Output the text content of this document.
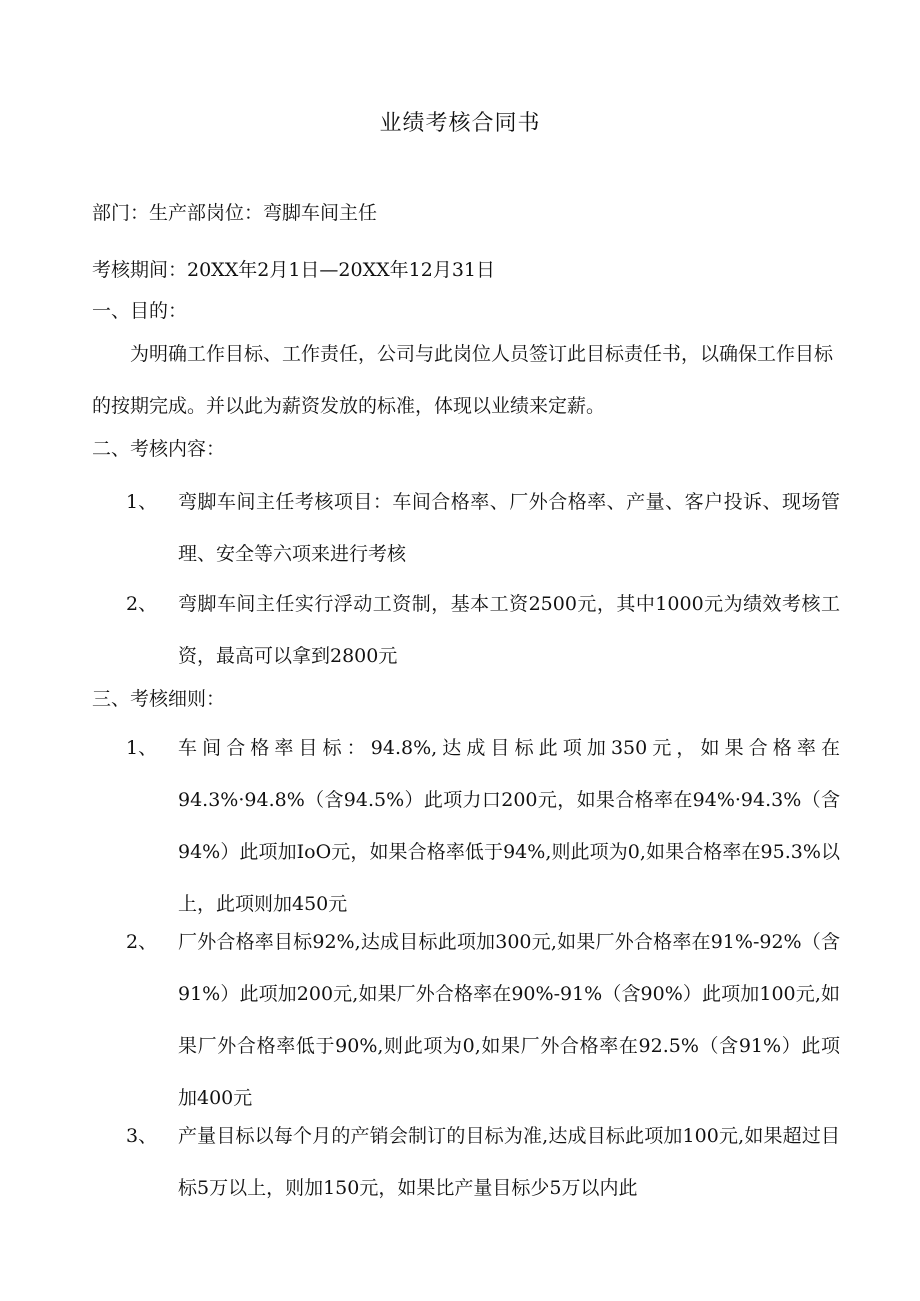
业绩考核合同书
部门：生产部岗位：弯脚车间主任
考核期间：20XX年2月1日—20XX年12月31日
一、目的：
为明确工作目标、工作责任，公司与此岗位人员签订此目标责任书，以确保工作目标的按期完成。并以此为薪资发放的标准，体现以业绩来定薪。
二、考核内容：
1、 弯脚车间主任考核项目：车间合格率、厂外合格率、产量、客户投诉、现场管理、安全等六项来进行考核
2、 弯脚车间主任实行浮动工资制，基本工资2500元，其中1000元为绩效考核工资，最高可以拿到2800元
三、考核细则：
1、 车间合格率目标：94.8%,达成目标此项加350元，如果合格率在94.3%·94.8%（含94.5%）此项力口200元，如果合格率在94%·94.3%（含94%）此项加IoO元，如果合格率低于94%,则此项为0,如果合格率在95.3%以上，此项则加450元
2、 厂外合格率目标92%,达成目标此项加300元,如果厂外合格率在91%-92%（含91%）此项加200元,如果厂外合格率在90%-91%（含90%）此项加100元,如果厂外合格率低于90%,则此项为0,如果厂外合格率在92.5%（含91%）此项加400元
3、 产量目标以每个月的产销会制订的目标为准,达成目标此项加100元,如果超过目标5万以上，则加150元，如果比产量目标少5万以内此
